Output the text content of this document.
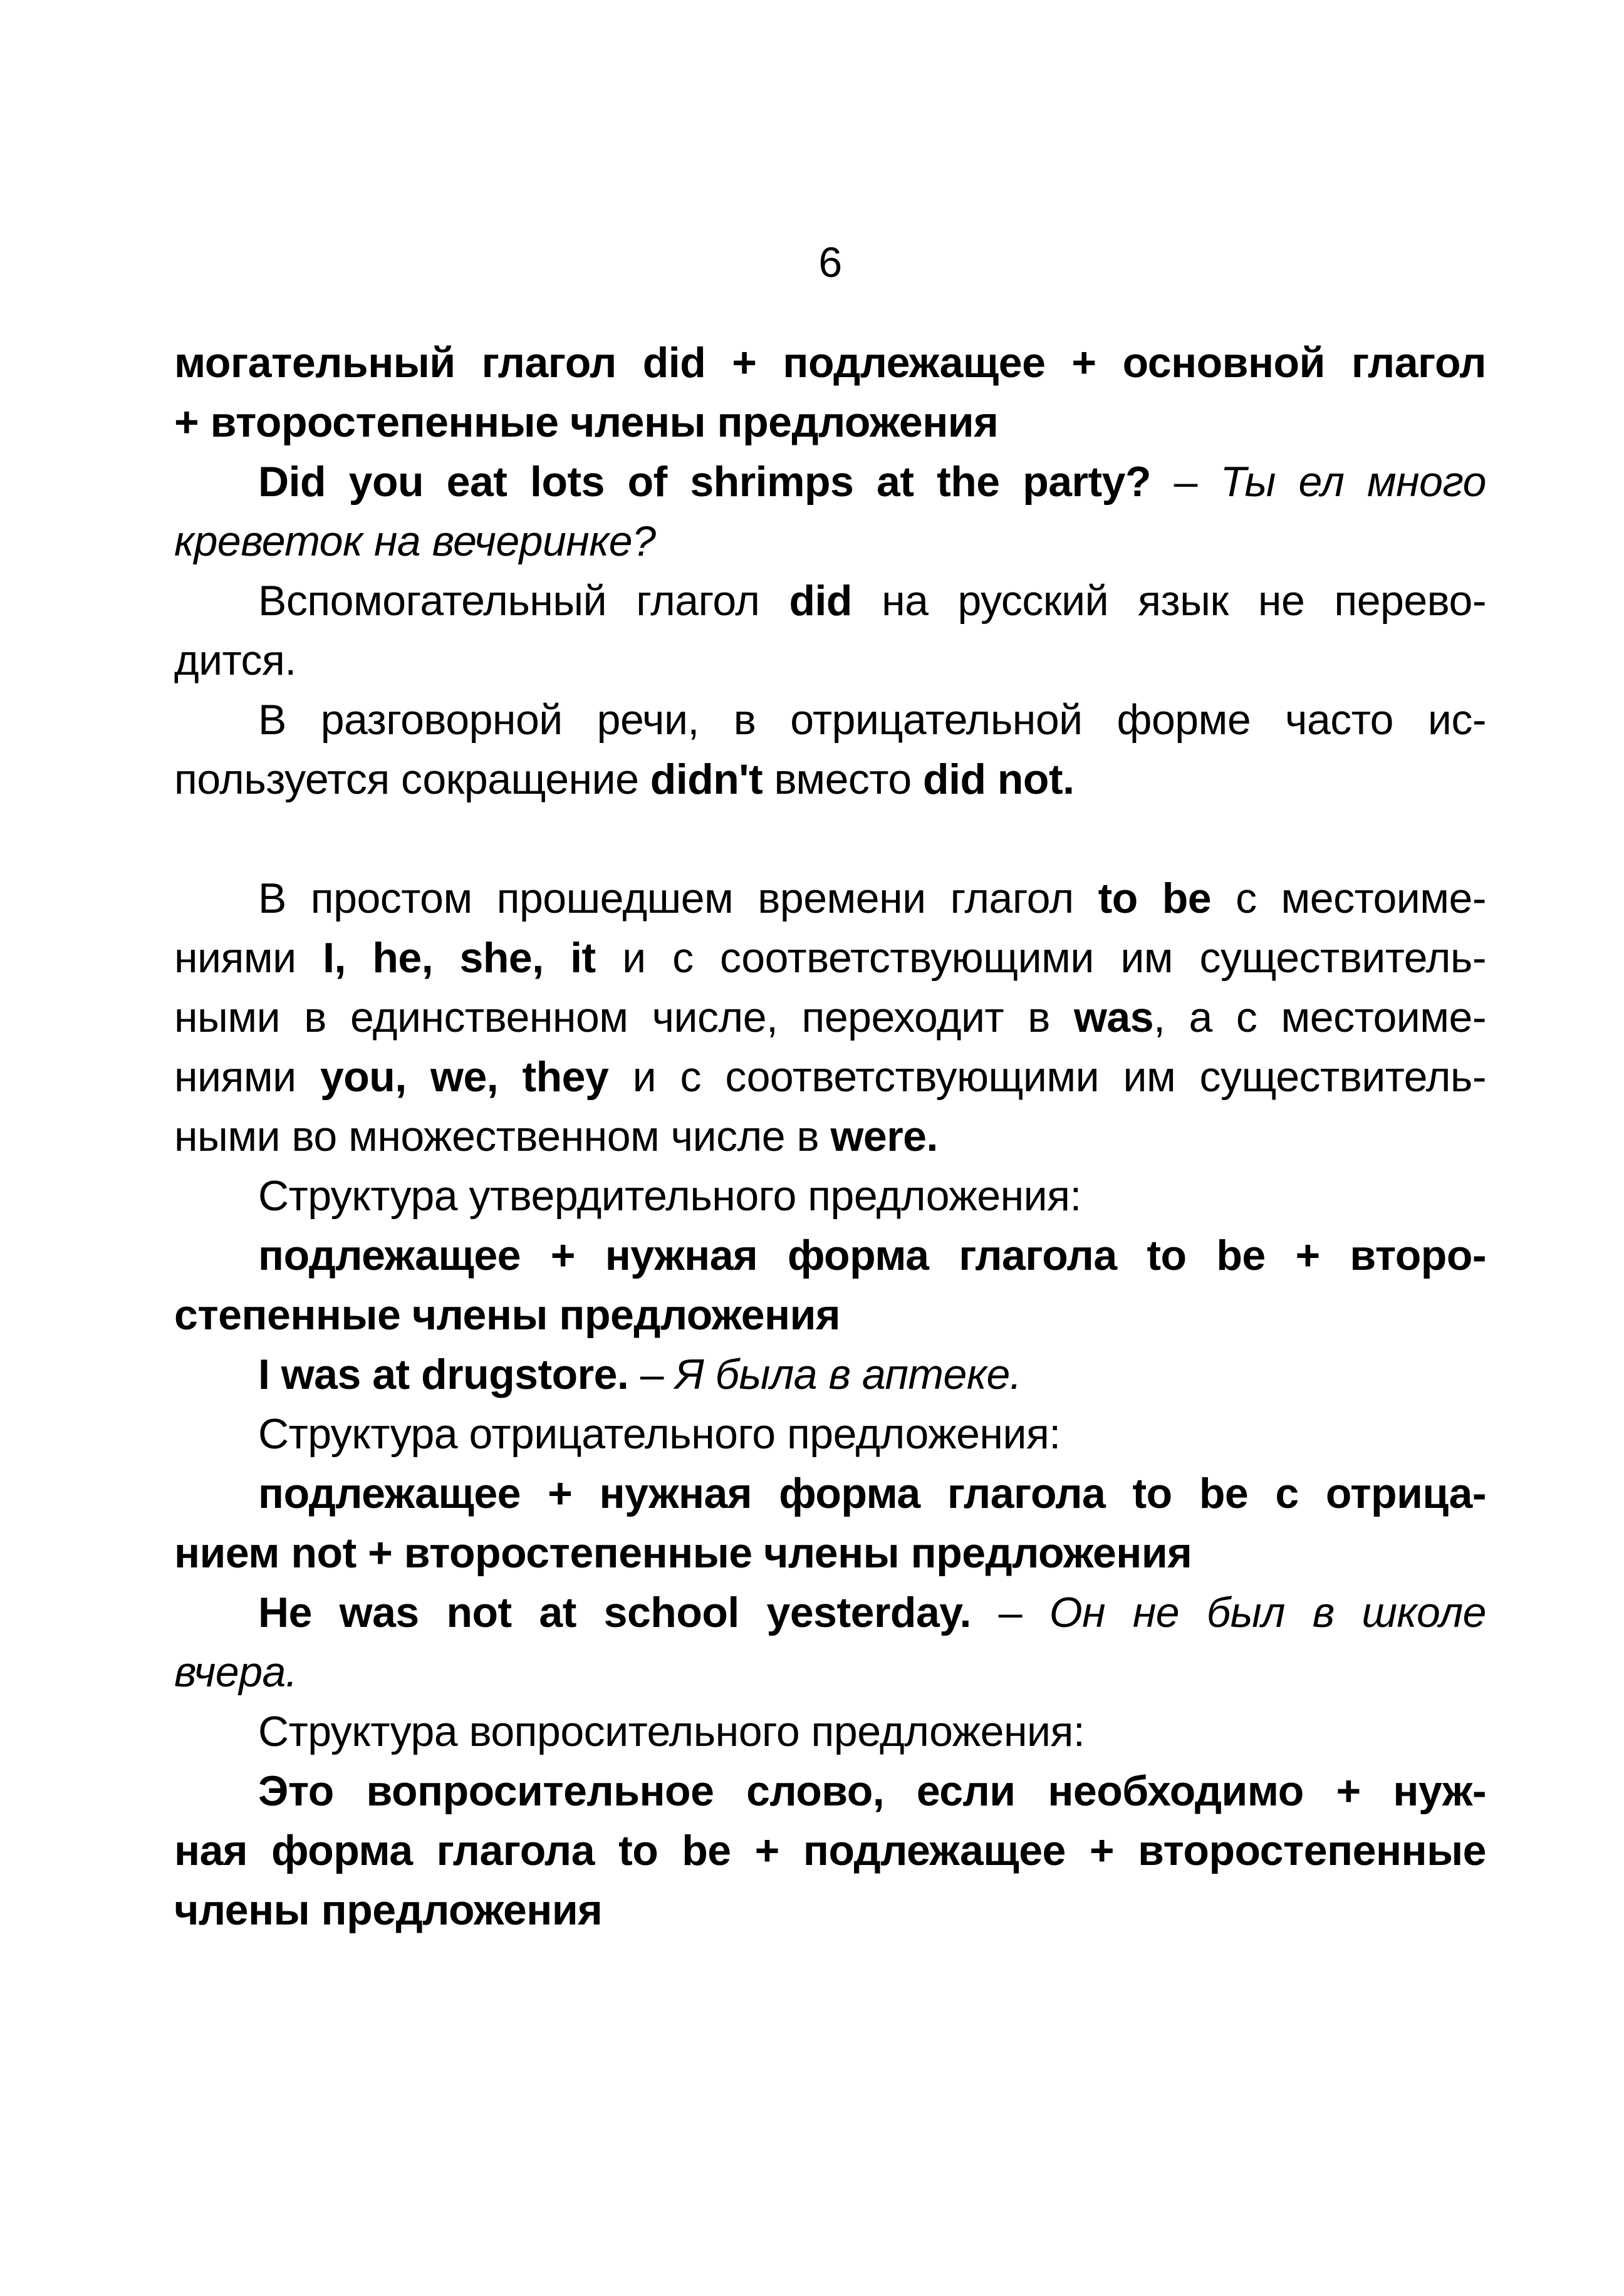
6
могательный глагол did + подлежащее + основной глагол
+ второстепенные члены предложения
Did you eat lots of shrimps at the party? – Ты ел много
креветок на вечеринке?
Вспомогательный глагол did на русский язык не перево-
дится.
В разговорной речи, в отрицательной форме часто ис-
пользуется сокращение didn't вместо did not.
В простом прошедшем времени глагол to be с местоиме-
ниями I, he, she, it и с соответствующими им существитель-
ными в единственном числе, переходит в was, а с местоиме-
ниями you, we, they и с соответствующими им существитель-
ными во множественном числе в were.
Структура утвердительного предложения:
подлежащее + нужная форма глагола to be + второ-
степенные члены предложения
I was at drugstore. – Я была в аптеке.
Структура отрицательного предложения:
подлежащее + нужная форма глагола to be с отрица-
нием not + второстепенные члены предложения
He was not at school yesterday. – Он не был в школе
вчера.
Структура вопросительного предложения:
Это вопросительное слово, если необходимо + нуж-
ная форма глагола to be + подлежащее + второстепенные
члены предложения
